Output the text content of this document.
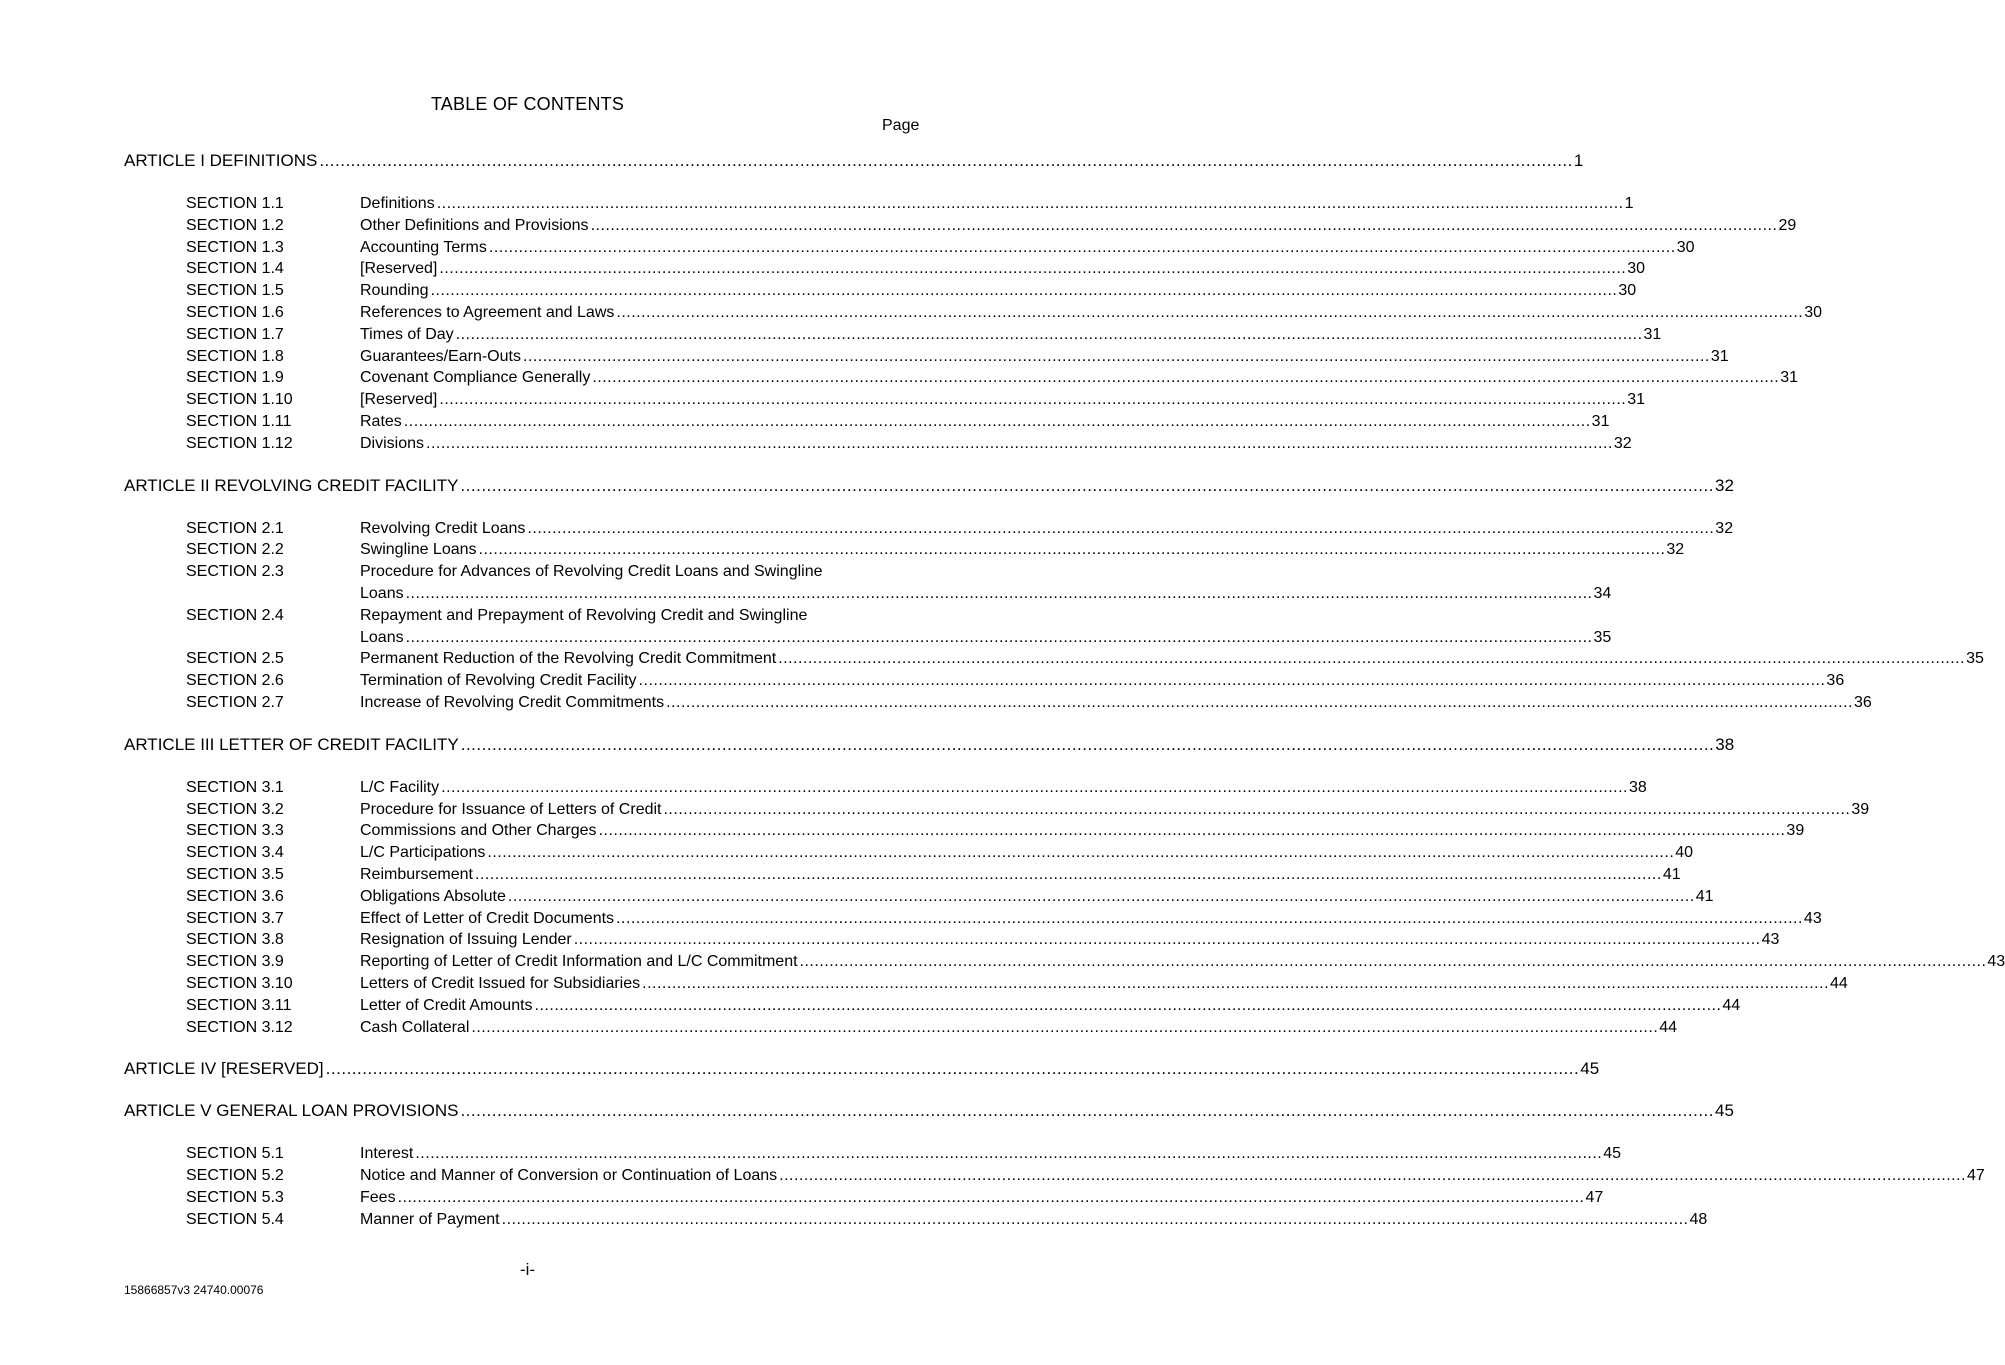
TABLE OF CONTENTS
Page
ARTICLE I DEFINITIONS .....	1
SECTION 1.1	Definitions .....	1
SECTION 1.2	Other Definitions and Provisions .....	29
SECTION 1.3	Accounting Terms .....	30
SECTION 1.4	[Reserved] .....	30
SECTION 1.5	Rounding .....	30
SECTION 1.6	References to Agreement and Laws .....	30
SECTION 1.7	Times of Day .....	31
SECTION 1.8	Guarantees/Earn-Outs .....	31
SECTION 1.9	Covenant Compliance Generally .....	31
SECTION 1.10	[Reserved] .....	31
SECTION 1.11	Rates .....	31
SECTION 1.12	Divisions .....	32
ARTICLE II REVOLVING CREDIT FACILITY .....	32
SECTION 2.1	Revolving Credit Loans .....	32
SECTION 2.2	Swingline Loans .....	32
SECTION 2.3	Procedure for Advances of Revolving Credit Loans and Swingline
Loans .....	34
SECTION 2.4	Repayment and Prepayment of Revolving Credit and Swingline
Loans .....	35
SECTION 2.5	Permanent Reduction of the Revolving Credit Commitment .....	35
SECTION 2.6	Termination of Revolving Credit Facility .....	36
SECTION 2.7	Increase of Revolving Credit Commitments .....	36
ARTICLE III LETTER OF CREDIT FACILITY .....	38
SECTION 3.1	L/C Facility .....	38
SECTION 3.2	Procedure for Issuance of Letters of Credit .....	39
SECTION 3.3	Commissions and Other Charges .....	39
SECTION 3.4	L/C Participations .....	40
SECTION 3.5	Reimbursement .....	41
SECTION 3.6	Obligations Absolute .....	41
SECTION 3.7	Effect of Letter of Credit Documents .....	43
SECTION 3.8	Resignation of Issuing Lender .....	43
SECTION 3.9	Reporting of Letter of Credit Information and L/C Commitment .....	43
SECTION 3.10	Letters of Credit Issued for Subsidiaries .....	44
SECTION 3.11	Letter of Credit Amounts .....	44
SECTION 3.12	Cash Collateral .....	44
ARTICLE IV [RESERVED] .....	45
ARTICLE V GENERAL LOAN PROVISIONS .....	45
SECTION 5.1	Interest .....	45
SECTION 5.2	Notice and Manner of Conversion or Continuation of Loans .....	47
SECTION 5.3	Fees .....	47
SECTION 5.4	Manner of Payment .....	48
-i-
15866857v3 24740.00076
